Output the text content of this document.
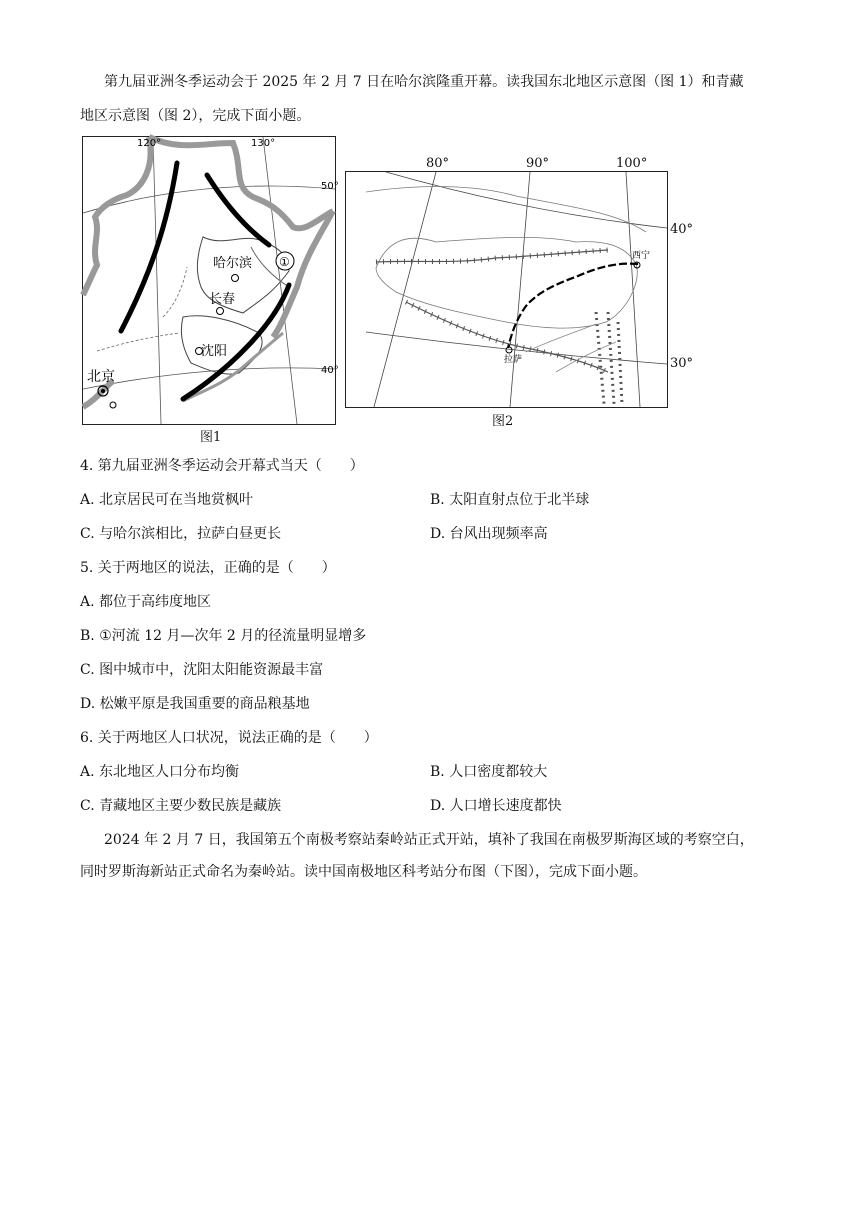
第九届亚洲冬季运动会于 2025 年 2 月 7 日在哈尔滨隆重开幕。读我国东北地区示意图（图 1）和青藏
地区示意图（图 2），完成下面小题。
120°	130°
50°
40°
哈尔滨
长春
沈阳
北京
①
图1
80°	90°	100°
西宁
拉萨
40°
30°
图2
4. 第九届亚洲冬季运动会开幕式当天（　　）
A. 北京居民可在当地赏枫叶	B. 太阳直射点位于北半球
C. 与哈尔滨相比，拉萨白昼更长	D. 台风出现频率高
5. 关于两地区的说法，正确的是（　　）
A. 都位于高纬度地区
B. ①河流 12 月—次年 2 月的径流量明显增多
C. 图中城市中，沈阳太阳能资源最丰富
D. 松嫩平原是我国重要的商品粮基地
6. 关于两地区人口状况，说法正确的是（　　）
A. 东北地区人口分布均衡	B. 人口密度都较大
C. 青藏地区主要少数民族是藏族	D. 人口增长速度都快
2024 年 2 月 7 日，我国第五个南极考察站秦岭站正式开站，填补了我国在南极罗斯海区域的考察空白，
同时罗斯海新站正式命名为秦岭站。读中国南极地区科考站分布图（下图），完成下面小题。
